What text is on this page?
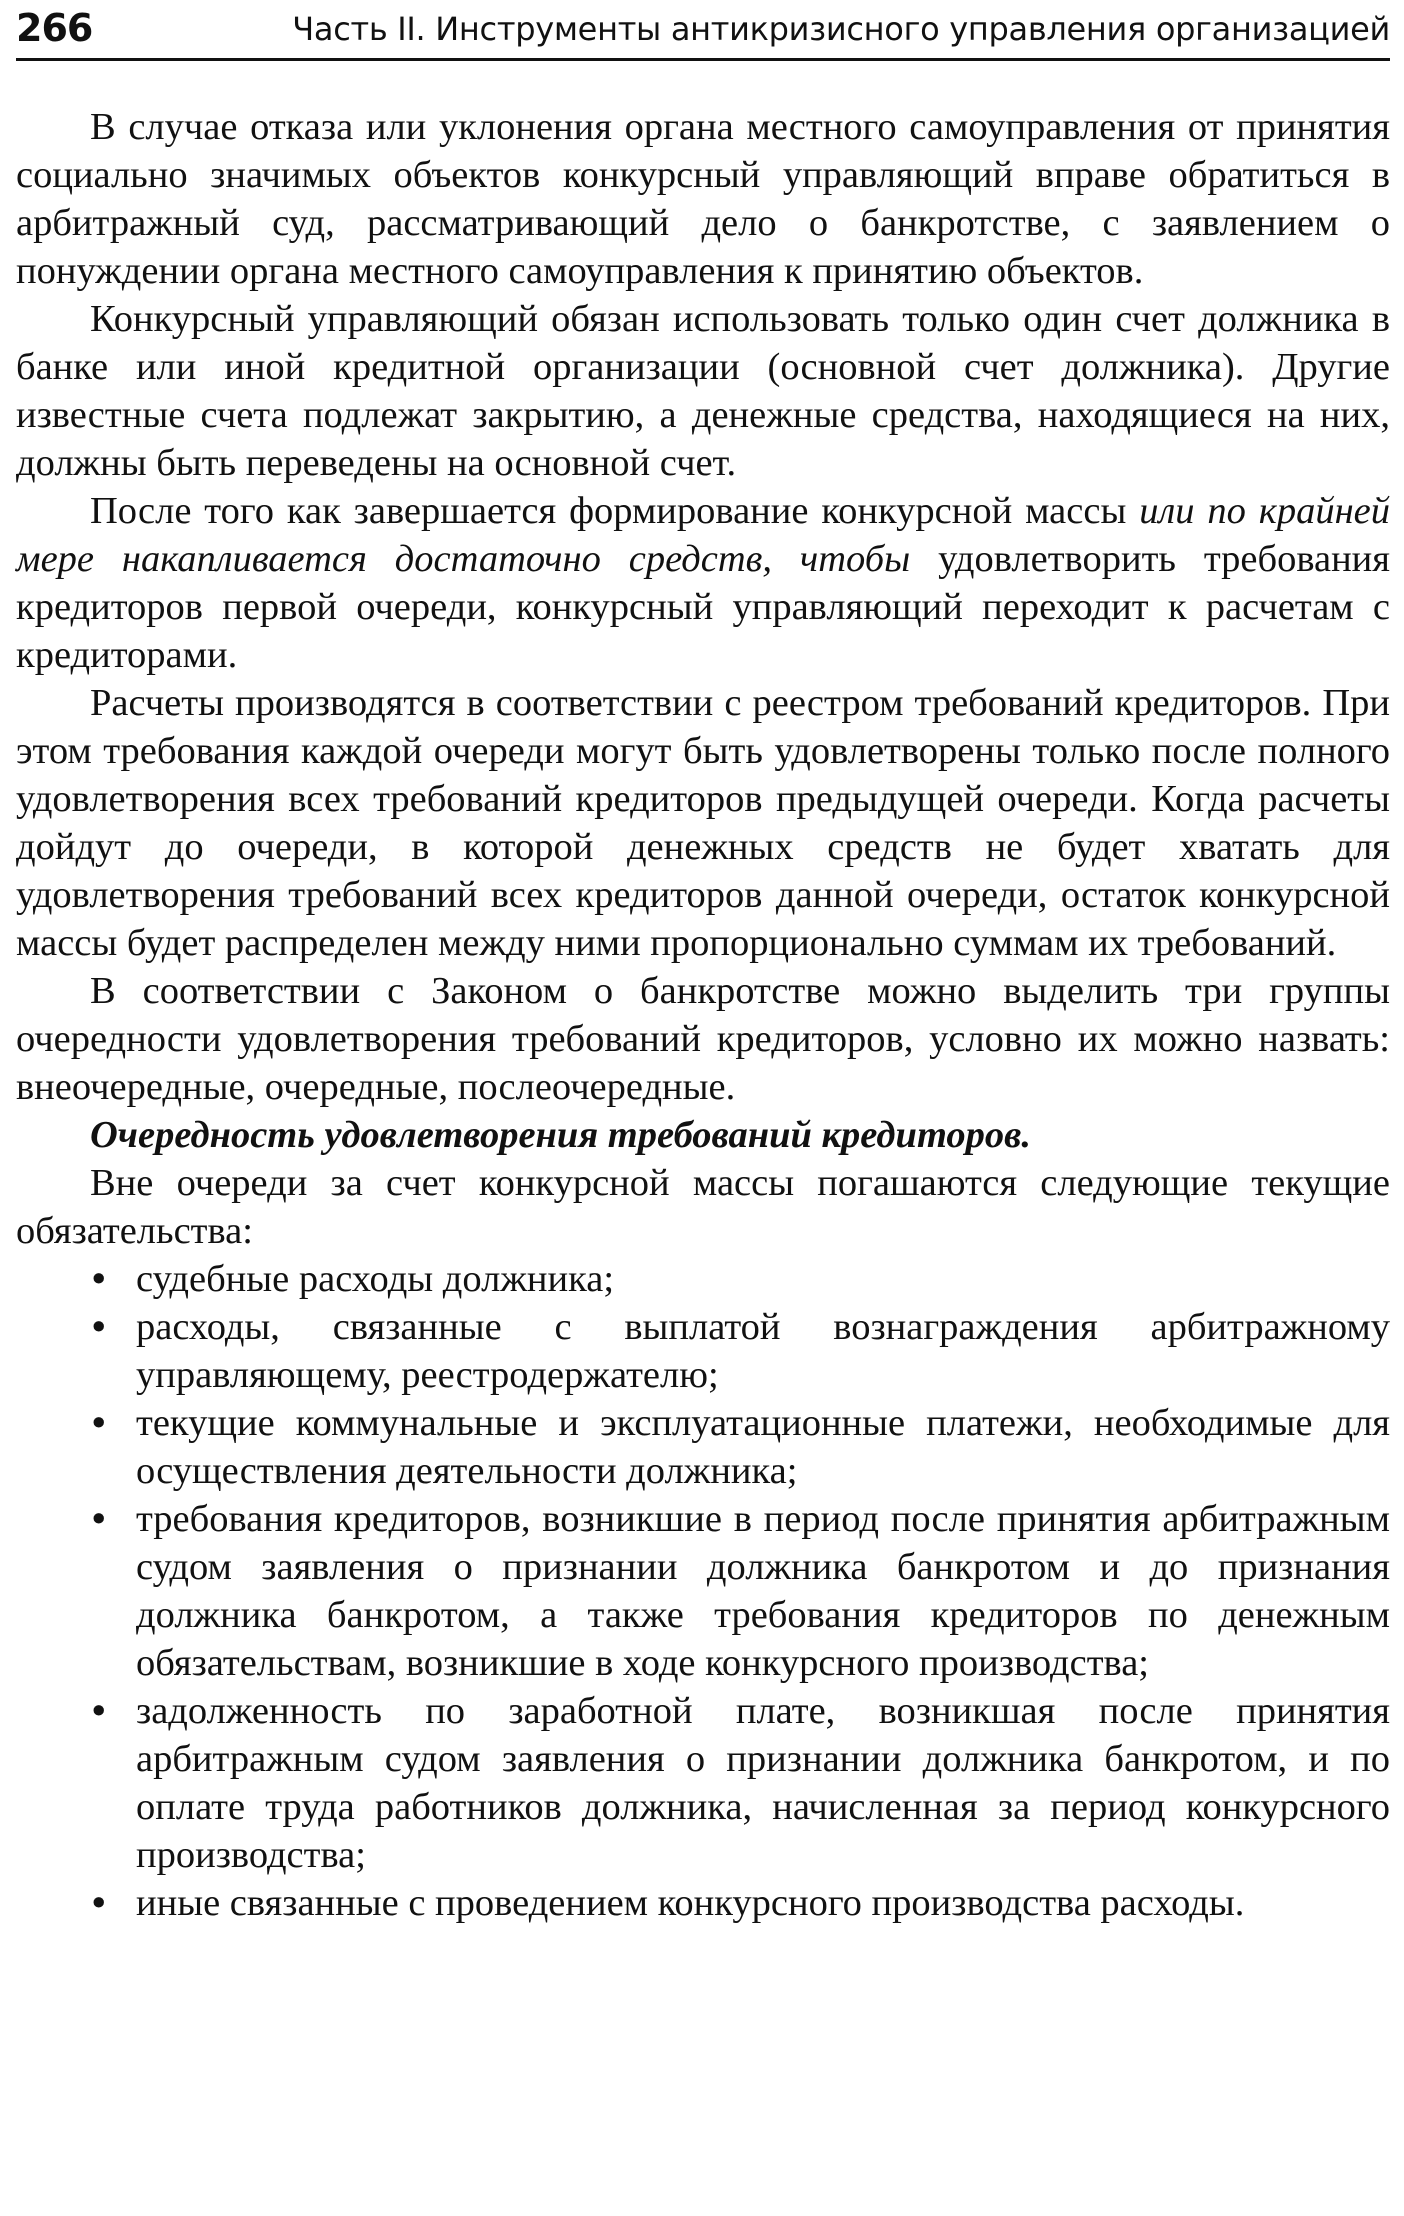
266	Часть II. Инструменты антикризисного управления организацией

В случае отказа или уклонения органа местного самоуправления от принятия социально значимых объектов конкурсный управляющий вправе обратиться в арбитражный суд, рассматривающий дело о банкротстве, с заявлением о понуждении органа местного самоуправления к принятию объектов.

Конкурсный управляющий обязан использовать только один счет должника в банке или иной кредитной организации (основной счет должника). Другие известные счета подлежат закрытию, а денежные средства, находящиеся на них, должны быть переведены на основной счет.

После того как завершается формирование конкурсной массы или по крайней мере накапливается достаточно средств, чтобы удовлетворить требования кредиторов первой очереди, конкурсный управляющий переходит к расчетам с кредиторами.

Расчеты производятся в соответствии с реестром требований кредиторов. При этом требования каждой очереди могут быть удовлетворены только после полного удовлетворения всех требований кредиторов предыдущей очереди. Когда расчеты дойдут до очереди, в которой денежных средств не будет хватать для удовлетворения требований всех кредиторов данной очереди, остаток конкурсной массы будет распределен между ними пропорционально суммам их требований.

В соответствии с Законом о банкротстве можно выделить три группы очередности удовлетворения требований кредиторов, условно их можно назвать: внеочередные, очередные, послеочередные.

Очередность удовлетворения требований кредиторов.

Вне очереди за счет конкурсной массы погашаются следующие текущие обязательства:

• судебные расходы должника;
• расходы, связанные с выплатой вознаграждения арбитражному управляющему, реестродержателю;
• текущие коммунальные и эксплуатационные платежи, необходимые для осуществления деятельности должника;
• требования кредиторов, возникшие в период после принятия арбитражным судом заявления о признании должника банкротом и до признания должника банкротом, а также требования кредиторов по денежным обязательствам, возникшие в ходе конкурсного производства;
• задолженность по заработной плате, возникшая после принятия арбитражным судом заявления о признании должника банкротом, и по оплате труда работников должника, начисленная за период конкурсного производства;
• иные связанные с проведением конкурсного производства расходы.
